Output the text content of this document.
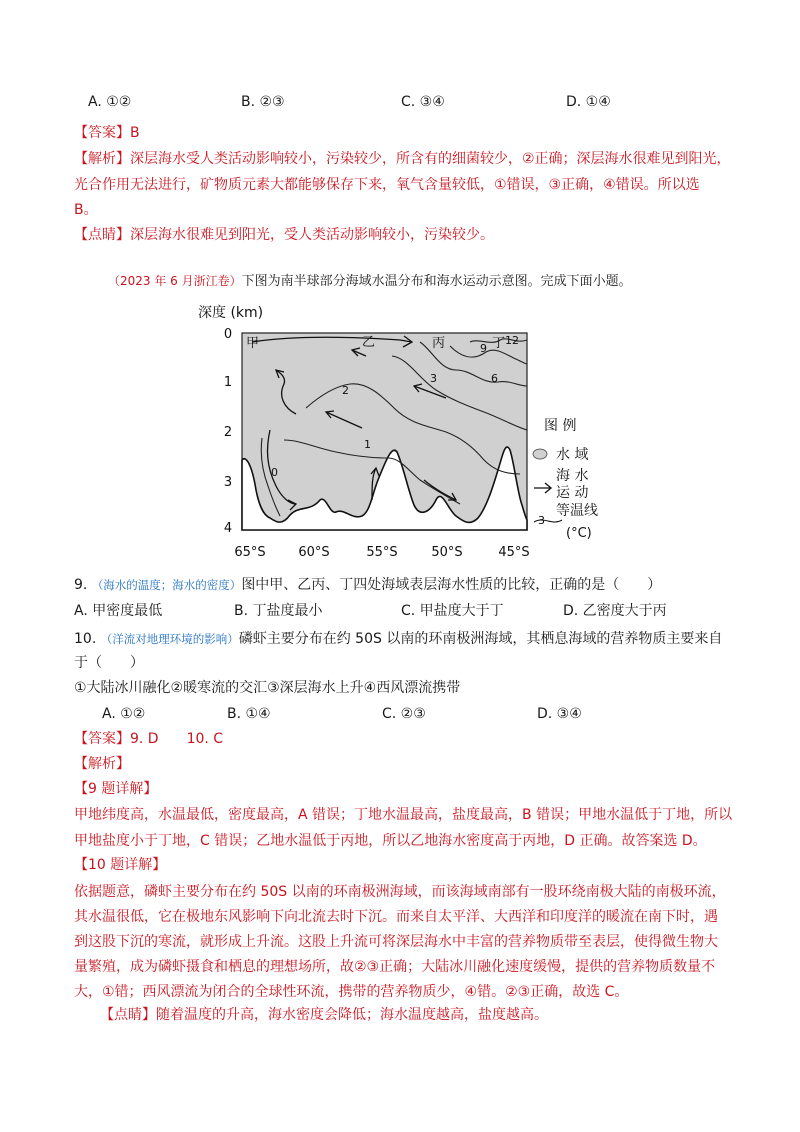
A. ①②	B. ②③	C. ③④	D. ①④
【答案】B
【解析】深层海水受人类活动影响较小，污染较少，所含有的细菌较少，②正确；深层海水很难见到阳光，
光合作用无法进行，矿物质元素大都能够保存下来，氧气含量较低，①错误，③正确，④错误。所以选
B。
【点睛】深层海水很难见到阳光，受人类活动影响较小，污染较少。
（2023 年 6 月浙江卷）下图为南半球部分海域水温分布和海水运动示意图。完成下面小题。
12
9
6
3
2
1
0
甲	乙	丙	丁
深度 (km)
0
1
2
3
4
65°S	60°S	55°S	50°S	45°S
图 例
水 域
海 水
运 动
等温线
3
(°C)
9. （海水的温度；海水的密度）图中甲、乙丙、丁四处海域表层海水性质的比较，正确的是（　　）
A. 甲密度最低	B. 丁盐度最小	C. 甲盐度大于丁	D. 乙密度大于丙
10. （洋流对地理环境的影响）磷虾主要分布在约 50S 以南的环南极洲海域，其栖息海域的营养物质主要来自
于（　　）
①大陆冰川融化②暖寒流的交汇③深层海水上升④西风漂流携带
A. ①②	B. ①④	C. ②③	D. ③④
【答案】9. D　　10. C
【解析】
【9 题详解】
甲地纬度高，水温最低，密度最高，A 错误；丁地水温最高，盐度最高，B 错误；甲地水温低于丁地，所以
甲地盐度小于丁地，C 错误；乙地水温低于丙地，所以乙地海水密度高于丙地，D 正确。故答案选 D。
【10 题详解】
依据题意，磷虾主要分布在约 50S 以南的环南极洲海域，而该海域南部有一股环绕南极大陆的南极环流，
其水温很低，它在极地东风影响下向北流去时下沉。而来自太平洋、大西洋和印度洋的暖流在南下时，遇
到这股下沉的寒流，就形成上升流。这股上升流可将深层海水中丰富的营养物质带至表层，使得微生物大
量繁殖，成为磷虾摄食和栖息的理想场所，故②③正确；大陆冰川融化速度缓慢，提供的营养物质数量不
大，①错；西风漂流为闭合的全球性环流，携带的营养物质少，④错。②③正确，故选 C。
【点睛】随着温度的升高，海水密度会降低；海水温度越高，盐度越高。
